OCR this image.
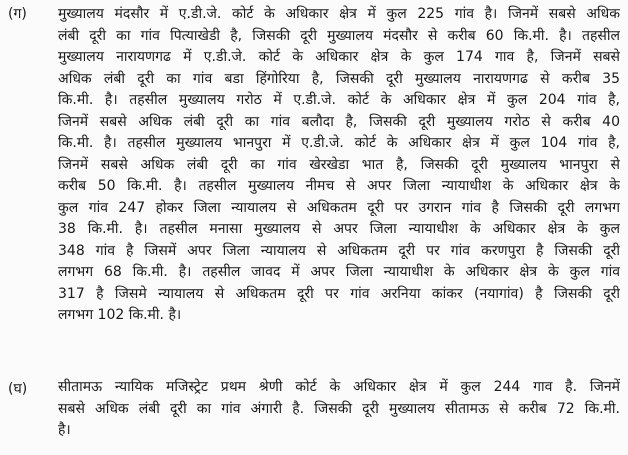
(ग) मुख्यालय मंदसौर में ए.डी.जे. कोर्ट के अधिकार क्षेत्र में कुल 225 गांव है। जिनमें सबसे अधिक
लंबी दूरी का गांव पित्याखेडी है, जिसकी दूरी मुख्यालय मंदसौर से करीब 60 कि.मी. है। तहसील
मुख्यालय नारायणगढ में ए.डी.जे. कोर्ट के अधिकार क्षेत्र के कुल 174 गाव है, जिनमें सबसे
अधिक लंबी दूरी का गांव बडा हिंगोरिया है, जिसकी दूरी मुख्यालय नारायणगढ से करीब 35
कि.मी. है। तहसील मुख्यालय गरोठ में ए.डी.जे. कोर्ट के अधिकार क्षेत्र में कुल 204 गांव है,
जिनमें सबसे अधिक लंबी दूरी का गांव बलौदा है, जिसकी दूरी मुख्यालय गरोठ से करीब 40
कि.मी. है। तहसील मुख्यालय भानपुरा में ए.डी.जे. कोर्ट के अधिकार क्षेत्र में कुल 104 गांव है,
जिनमें सबसे अधिक लंबी दूरी का गांव खेरखेडा भात है, जिसकी दूरी मुख्यालय भानपुरा से
करीब 50 कि.मी. है। तहसील मुख्यालय नीमच से अपर जिला न्यायाधीश के अधिकार क्षेत्र के
कुल गांव 247 होकर जिला न्यायालय से अधिकतम दूरी पर उगरान गांव है जिसकी दूरी लगभग
38 कि.मी. है। तहसील मनासा मुख्यालय से अपर जिला न्यायाधीश के अधिकार क्षेत्र के कुल
348 गांव है जिसमें अपर जिला न्यायालय से अधिकतम दूरी पर गांव करणपुरा है जिसकी दूरी
लगभग 68 कि.मी. है। तहसील जावद में अपर जिला न्यायाधीश के अधिकार क्षेत्र के कुल गांव
317 है जिसमे न्यायालय से अधिकतम दूरी पर गांव अरनिया कांकर (नयागांव) है जिसकी दूरी
लगभग 102 कि.मी. है।
(घ) सीतामऊ न्यायिक मजिस्ट्रेट प्रथम श्रेणी कोर्ट के अधिकार क्षेत्र में कुल 244 गाव है. जिनमें
सबसे अधिक लंबी दूरी का गांव अंगारी है. जिसकी दूरी मुख्यालय सीतामऊ से करीब 72 कि.मी.
है।
